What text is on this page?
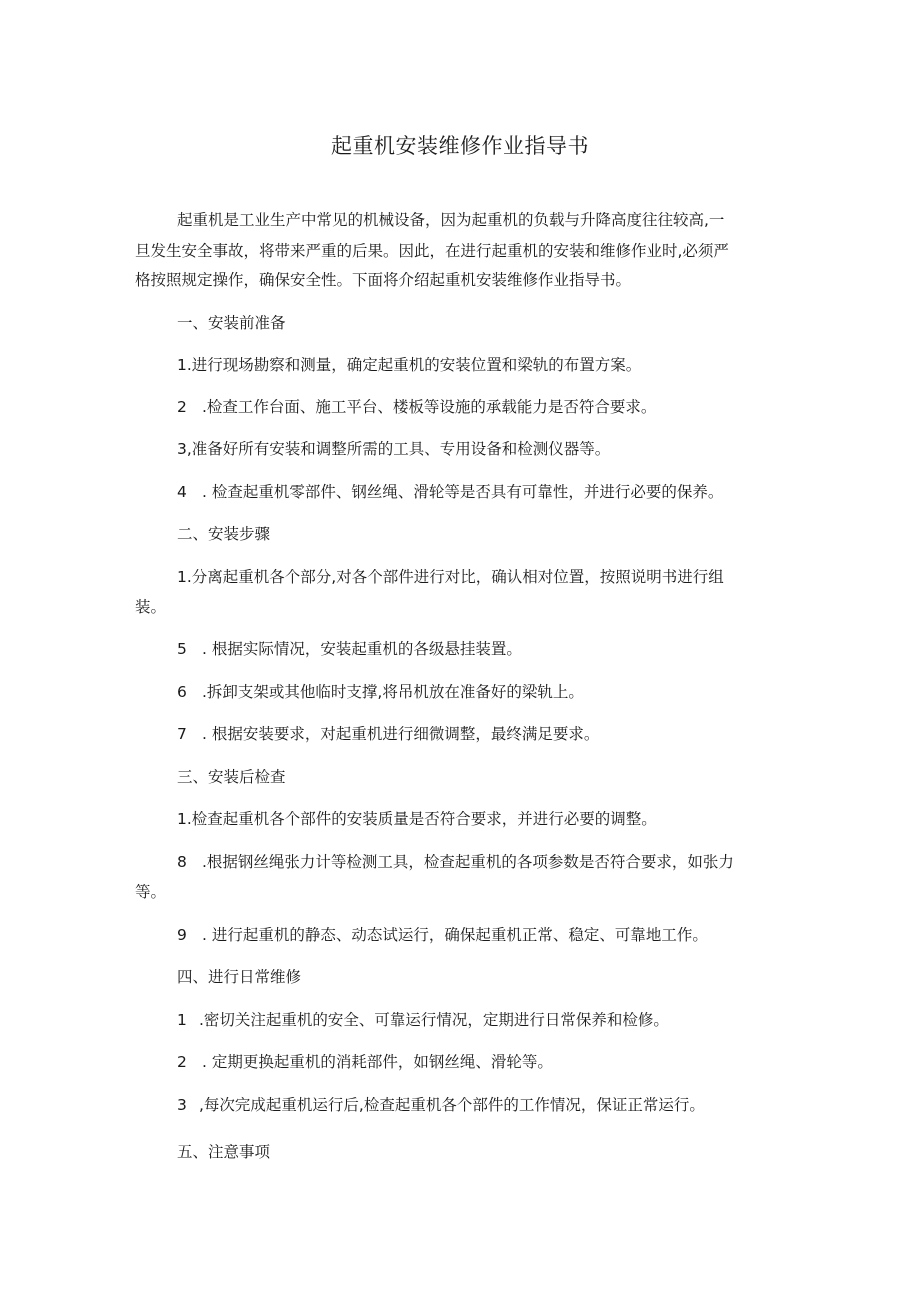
起重机安装维修作业指导书
起重机是工业生产中常见的机械设备，因为起重机的负载与升降高度往往较高,一
旦发生安全事故，将带来严重的后果。因此，在进行起重机的安装和维修作业时,必须严
格按照规定操作，确保安全性。下面将介绍起重机安装维修作业指导书。
一、安装前准备
1.进行现场勘察和测量，确定起重机的安装位置和梁轨的布置方案。
2 .检查工作台面、施工平台、楼板等设施的承载能力是否符合要求。
3,准备好所有安装和调整所需的工具、专用设备和检测仪器等。
4 . 检查起重机零部件、钢丝绳、滑轮等是否具有可靠性，并进行必要的保养。
二、安装步骤
1.分离起重机各个部分,对各个部件进行对比，确认相对位置，按照说明书进行组
装。
5 . 根据实际情况，安装起重机的各级悬挂装置。
6 .拆卸支架或其他临时支撑,将吊机放在准备好的梁轨上。
7 . 根据安装要求，对起重机进行细微调整，最终满足要求。
三、安装后检查
1.检查起重机各个部件的安装质量是否符合要求，并进行必要的调整。
8 .根据钢丝绳张力计等检测工具，检查起重机的各项参数是否符合要求，如张力
等。
9 . 进行起重机的静态、动态试运行，确保起重机正常、稳定、可靠地工作。
四、进行日常维修
1 .密切关注起重机的安全、可靠运行情况，定期进行日常保养和检修。
2 . 定期更换起重机的消耗部件，如钢丝绳、滑轮等。
3 ,每次完成起重机运行后,检查起重机各个部件的工作情况，保证正常运行。
五、注意事项
